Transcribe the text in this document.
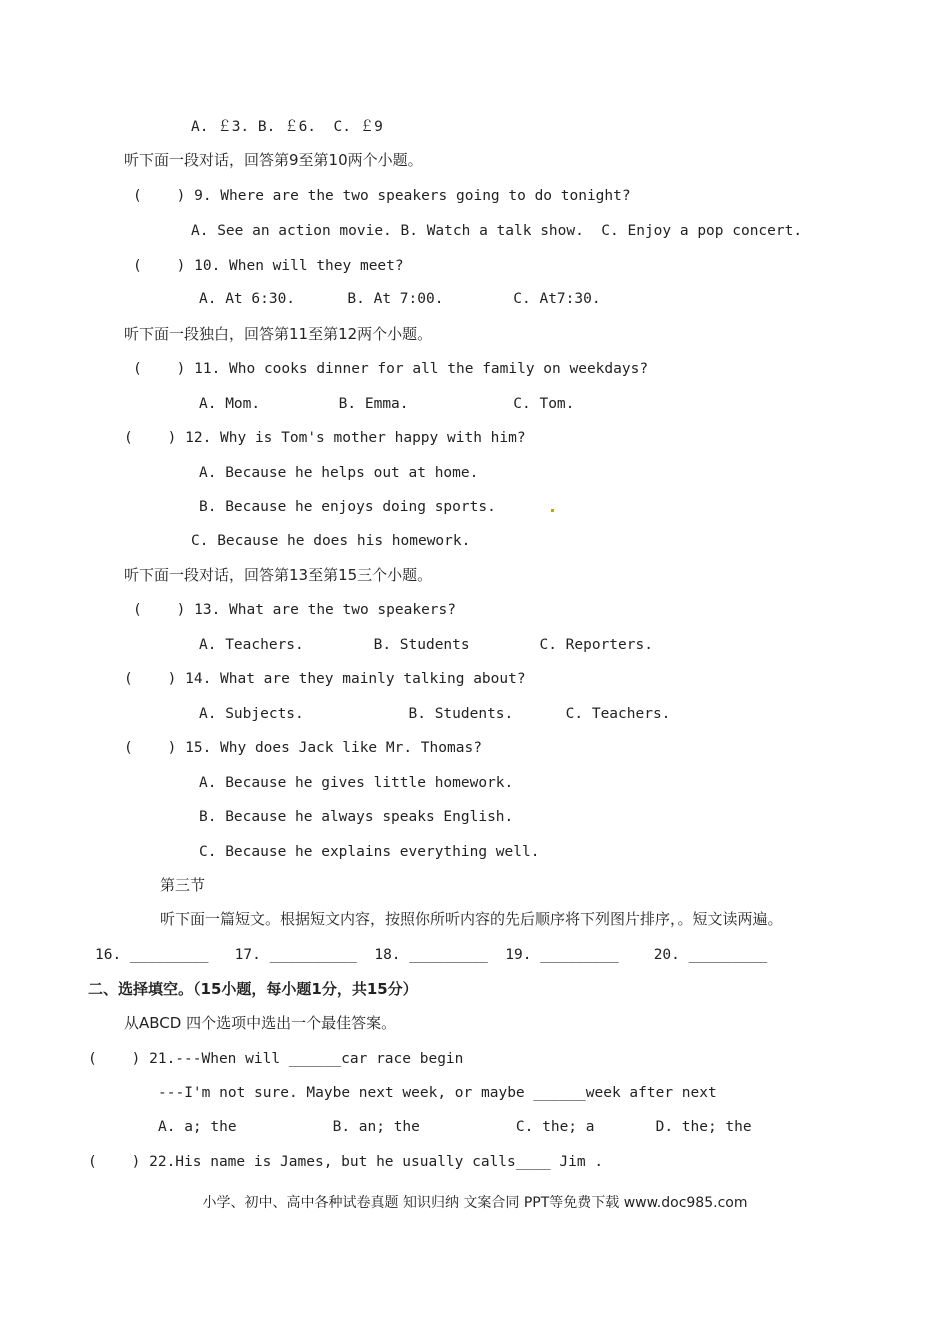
A. ￡3. B. ￡6.  C. ￡9
听下面一段对话，回答第9至第10两个小题。
(    ) 9. Where are the two speakers going to do tonight?
A. See an action movie. B. Watch a talk show.  C. Enjoy a pop concert.
(    ) 10. When will they meet?
A. At 6:30.      B. At 7:00.        C. At7:30.
听下面一段独白，回答第11至第12两个小题。
(    ) 11. Who cooks dinner for all the family on weekdays?
A. Mom.         B. Emma.            C. Tom.
(    ) 12. Why is Tom's mother happy with him?
A. Because he helps out at home.
B. Because he enjoys doing sports.
C. Because he does his homework.
听下面一段对话，回答第13至第15三个小题。
(    ) 13. What are the two speakers?
A. Teachers.        B. Students        C. Reporters.
(    ) 14. What are they mainly talking about?
A. Subjects.            B. Students.      C. Teachers.
(    ) 15. Why does Jack like Mr. Thomas?
A. Because he gives little homework.
B. Because he always speaks English.
C. Because he explains everything well.
第三节
听下面一篇短文。根据短文内容，按照你所听内容的先后顺序将下列图片排序，。短文读两遍。
16. _________   17. __________  18. _________  19. _________    20. _________
二、选择填空。（15小题，每小题1分，共15分）
从ABCD 四个选项中选出一个最佳答案。
(    ) 21.---When will ______car race begin
---I'm not sure. Maybe next week, or maybe ______week after next
A. a; the           B. an; the           C. the; a       D. the; the
(    ) 22.His name is James, but he usually calls____ Jim .
小学、初中、高中各种试卷真题 知识归纳 文案合同 PPT等免费下载 www.doc985.com
